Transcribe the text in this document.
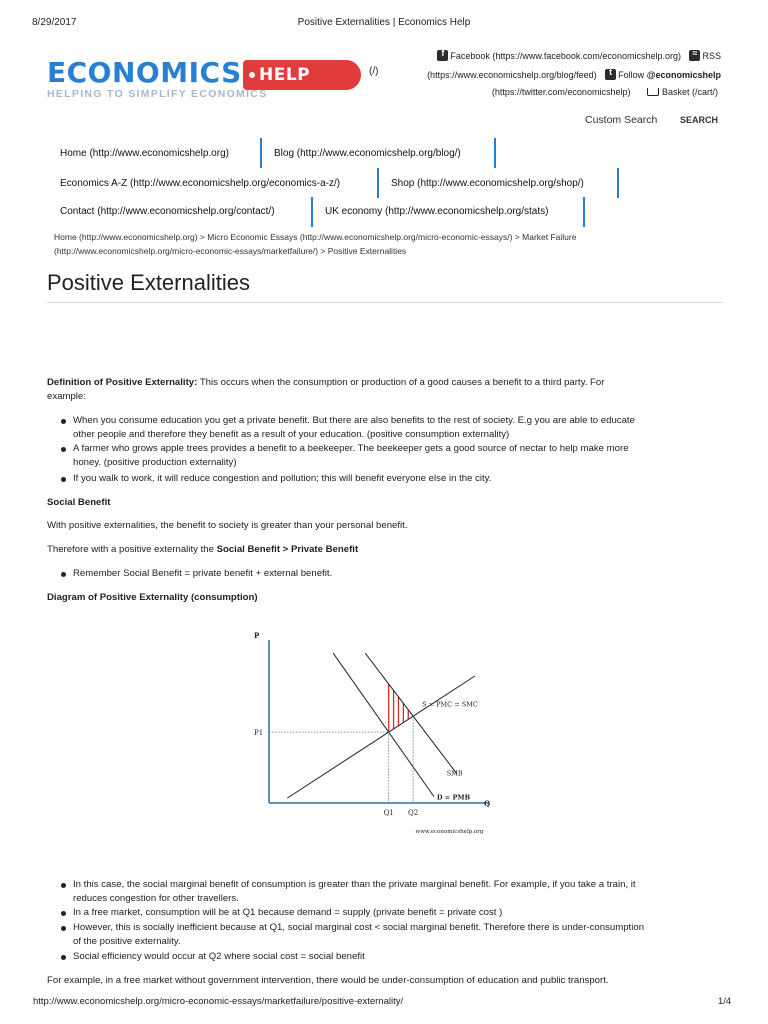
8/29/2017	Positive Externalities | Economics Help
ECONOMICS HELP
HELPING TO SIMPLIFY ECONOMICS
(/)
f Facebook (https://www.facebook.com/economicshelp.org)	≈ RSS
(https://www.economicshelp.org/blog/feed)	t Follow @economicshelp
(https://twitter.com/economicshelp)	Basket (/cart/)
Custom Search	SEARCH
Home (http://www.economicshelp.org)	Blog (http://www.economicshelp.org/blog/)
Economics A-Z (http://www.economicshelp.org/economics-a-z/)	Shop (http://www.economicshelp.org/shop/)
Contact (http://www.economicshelp.org/contact/)	UK economy (http://www.economicshelp.org/stats)
Home (http://www.economicshelp.org) > Micro Economic Essays (http://www.economicshelp.org/micro-economic-essays/) > Market Failure
(http://www.economicshelp.org/micro-economic-essays/marketfailure/) > Positive Externalities
Positive Externalities
Definition of Positive Externality: This occurs when the consumption or production of a good causes a benefit to a third party. For
example:
When you consume education you get a private benefit. But there are also benefits to the rest of society. E.g you are able to educate
other people and therefore they benefit as a result of your education. (positive consumption externality)
A farmer who grows apple trees provides a benefit to a beekeeper. The beekeeper gets a good source of nectar to help make more
honey. (positive production externality)
If you walk to work, it will reduce congestion and pollution; this will benefit everyone else in the city.
Social Benefit
With positive externalities, the benefit to society is greater than your personal benefit.
Therefore with a positive externality the Social Benefit > Private Benefit
Remember Social Benefit = private benefit + external benefit.
Diagram of Positive Externality (consumption)
P
Q
P1
Q1 Q2
S = PMC = SMC
SMB
D = PMB
www.economicshelp.org
In this case, the social marginal benefit of consumption is greater than the private marginal benefit. For example, if you take a train, it
reduces congestion for other travellers.
In a free market, consumption will be at Q1 because demand = supply (private benefit = private cost )
However, this is socially inefficient because at Q1, social marginal cost < social marginal benefit. Therefore there is under-consumption
of the positive externality.
Social efficiency would occur at Q2 where social cost = social benefit
For example, in a free market without government intervention, there would be under-consumption of education and public transport.
http://www.economicshelp.org/micro-economic-essays/marketfailure/positive-externality/	1/4
